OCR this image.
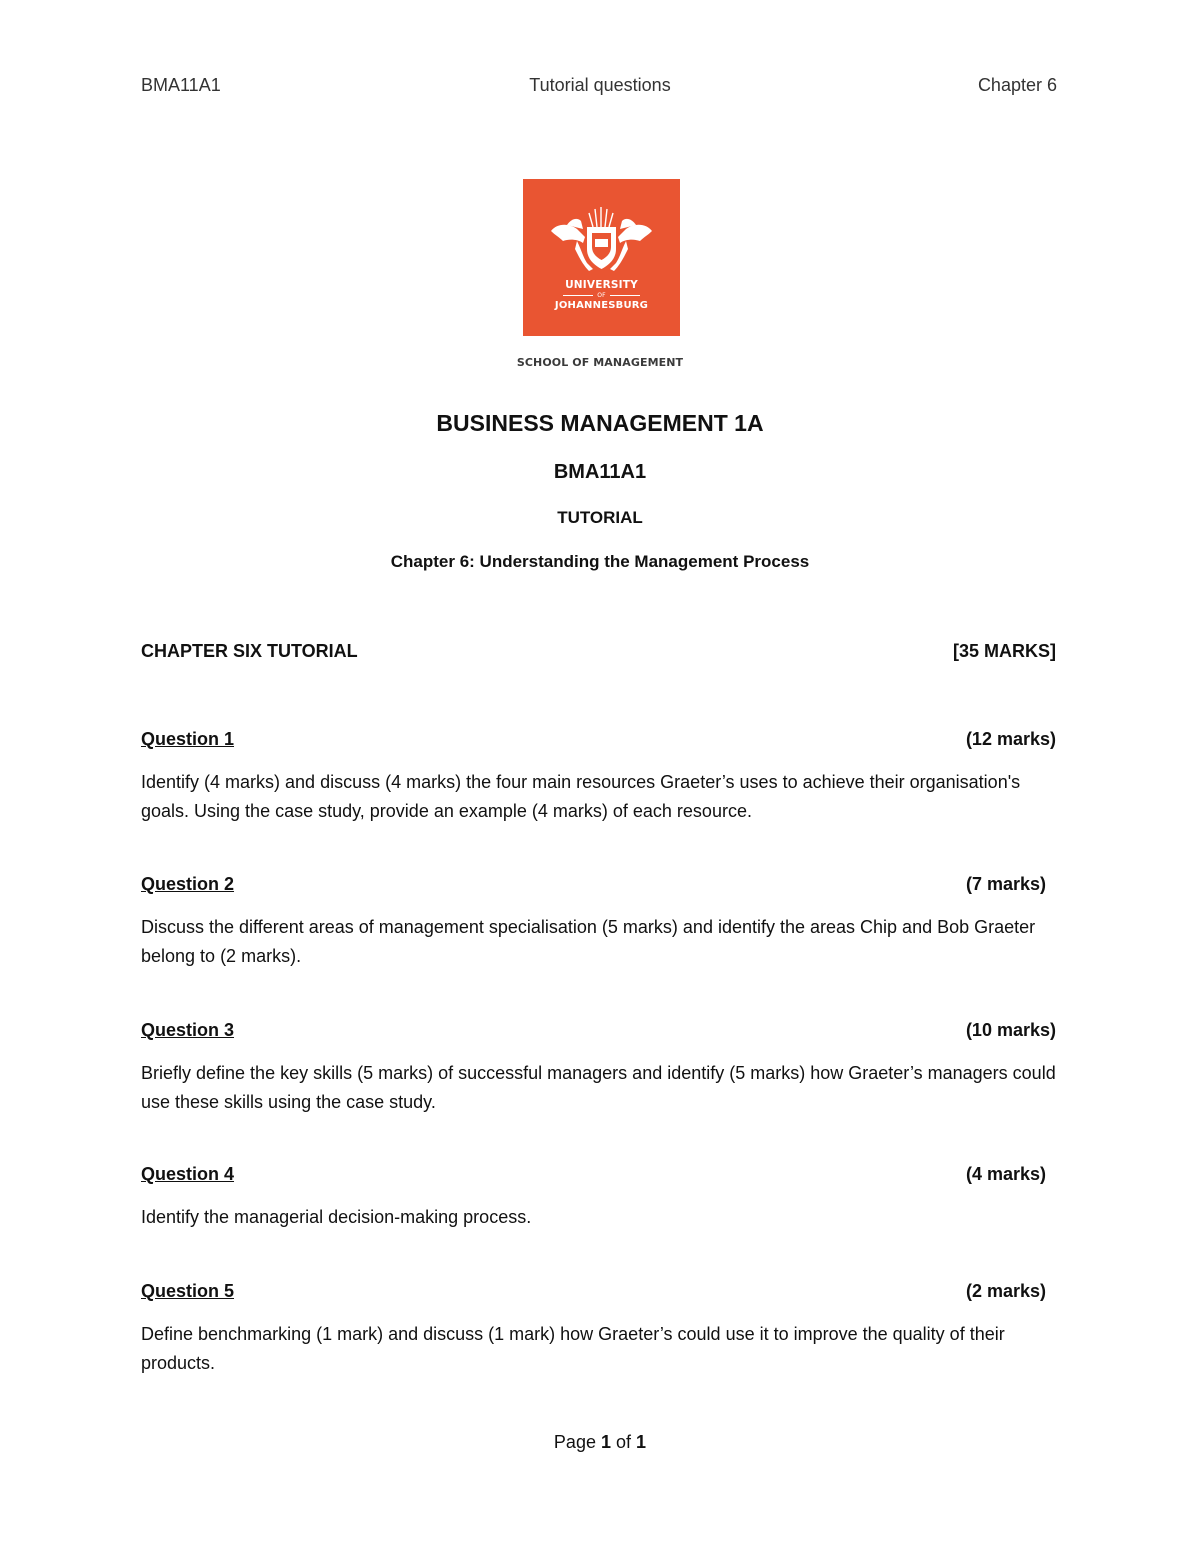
BMA11A1	Tutorial questions	Chapter 6
UNIVERSITY
OF
JOHANNESBURG
SCHOOL OF MANAGEMENT
BUSINESS MANAGEMENT 1A
BMA11A1
TUTORIAL
Chapter 6: Understanding the Management Process
CHAPTER SIX TUTORIAL	[35 MARKS]
Question 1	(12 marks)
Identify (4 marks) and discuss (4 marks) the four main resources Graeter’s uses to achieve their organisation's goals. Using the case study, provide an example (4 marks) of each resource.
Question 2	(7 marks)
Discuss the different areas of management specialisation (5 marks) and identify the areas Chip and Bob Graeter belong to (2 marks).
Question 3	(10 marks)
Briefly define the key skills (5 marks) of successful managers and identify (5 marks) how Graeter’s managers could use these skills using the case study.
Question 4	(4 marks)
Identify the managerial decision-making process.
Question 5	(2 marks)
Define benchmarking (1 mark) and discuss (1 mark) how Graeter’s could use it to improve the quality of their products.
Page 1 of 1
